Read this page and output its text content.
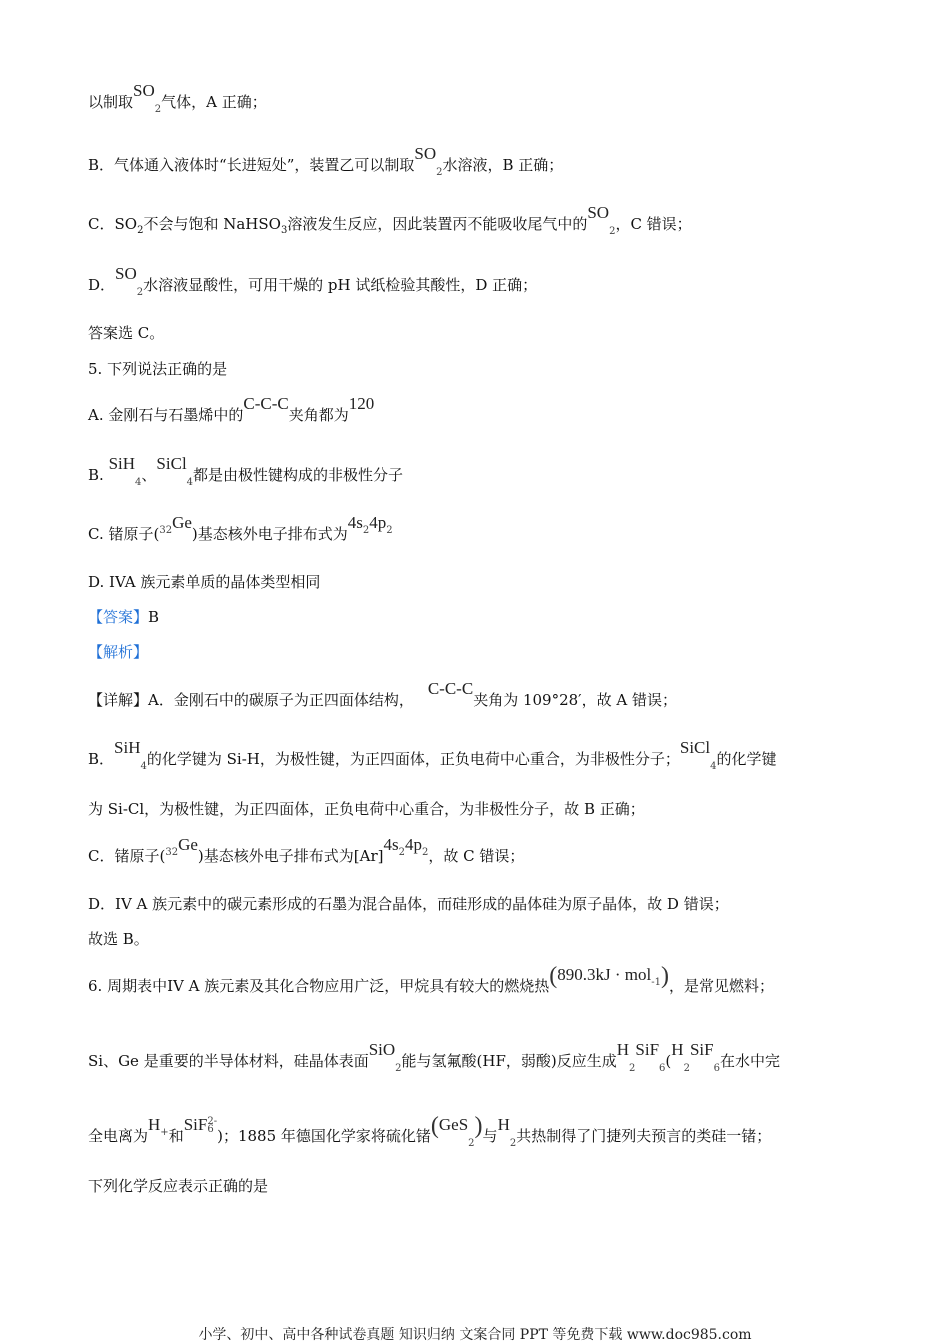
以制取$SO_2$气体，A 正确；
B．气体通入液体时“长进短处”，装置乙可以制取$SO_2$水溶液，B 正确；
C．$SO_2$不会与饱和 NaHSO$_3$溶液发生反应，因此装置丙不能吸收尾气中的$SO_2$，C 错误；
D．$SO_2$水溶液显酸性，可用干燥的 pH 试纸检验其酸性，D 正确；
答案选 C。
5. 下列说法正确的是
A. 金刚石与石墨烯中的C-C-C夹角都为120
B. SiH$_4$、SiCl$_4$都是由极性键构成的非极性分子
C. 锗原子($^{32}$Ge)基态核外电子排布式为$4s^24p^2$
D. IVA 族元素单质的晶体类型相同
【答案】B
【解析】
【详解】A．金刚石中的碳原子为正四面体结构，C-C-C夹角为 109°28′，故 A 错误；
B．SiH$_4$的化学键为 Si-H，为极性键，为正四面体，正负电荷中心重合，为非极性分子；SiCl$_4$的化学键
为 Si-Cl，为极性键，为正四面体，正负电荷中心重合，为非极性分子，故 B 正确；
C．锗原子($^{32}$Ge)基态核外电子排布式为$[Ar]4s^24p^2$，故 C 错误；
D．IV A 族元素中的碳元素形成的石墨为混合晶体，而硅形成的晶体硅为原子晶体，故 D 错误；
故选 B。
6. 周期表中IV A 族元素及其化合物应用广泛，甲烷具有较大的燃烧热(890.3kJ · mol$^{-1}$)，是常见燃料；
Si、Ge 是重要的半导体材料，硅晶体表面SiO$_2$能与氢氟酸(HF，弱酸)反应生成$H_2SiF_6(H_2SiF_6$在水中完
全电离为H+和SiF 2-
6 )；1885 年德国化学家将硫化锗(GeS$_2$)与$H_2$共热制得了门捷列夫预言的类硅一锗；
下列化学反应表示正确的是
小学、初中、高中各种试卷真题 知识归纳 文案合同 PPT 等免费下载 www.doc985.com
